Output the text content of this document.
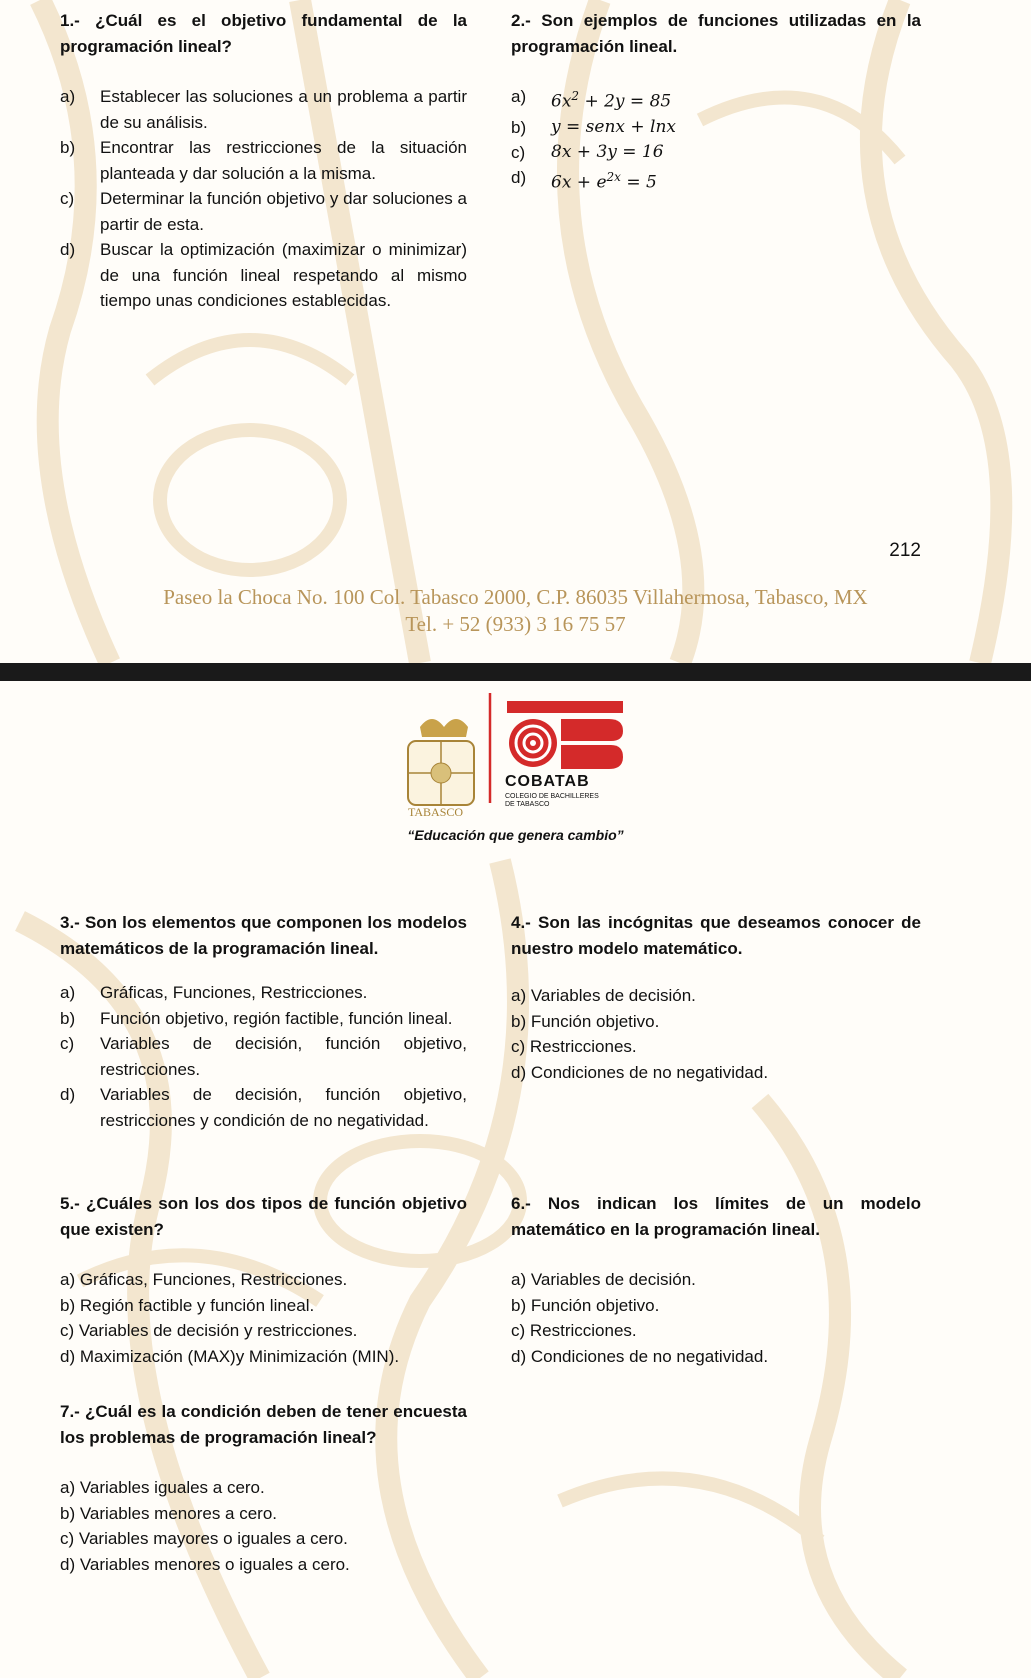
1.- ¿Cuál es el objetivo fundamental de la programación lineal?

a)	Establecer las soluciones a un problema a partir de su análisis.
b)	Encontrar las restricciones de la situación planteada y dar solución a la misma.
c)	Determinar la función objetivo y dar soluciones a partir de esta.
d)	Buscar la optimización (maximizar o minimizar) de una función lineal respetando al mismo tiempo unas condiciones establecidas.

2.- Son ejemplos de funciones utilizadas en la programación lineal.

a)	$6x^2 + 2y = 85$
b)	y = senx + lnx
c)	8x + 3y = 16
d)	$6x + e^{2x} = 5$
212
Paseo la Choca No. 100 Col. Tabasco 2000, C.P. 86035 Villahermosa, Tabasco, MX
Tel. + 52 (933) 3 16 75 57
TABASCO
COBATAB
COLEGIO DE BACHILLERES
DE TABASCO
“Educación que genera cambio”

3.- Son los elementos que componen los modelos matemáticos de la programación lineal.

a)	Gráficas, Funciones, Restricciones.
b)	Función objetivo, región factible, función lineal.
c)	Variables de decisión, función objetivo, restricciones.
d)	Variables de decisión, función objetivo, restricciones y condición de no negatividad.

4.- Son las incógnitas que deseamos conocer de nuestro modelo matemático.

a) Variables de decisión.

b) Función objetivo.

c) Restricciones.

d) Condiciones de no negatividad.

5.- ¿Cuáles son los dos tipos de función objetivo que existen?

a) Gráficas, Funciones, Restricciones.

b) Región factible y función lineal.

c) Variables de decisión y restricciones.

d) Maximización (MAX)y Minimización (MIN).

6.- Nos indican los límites de un modelo matemático en la programación lineal.

a) Variables de decisión.

b) Función objetivo.

c) Restricciones.

d) Condiciones de no negatividad.

7.- ¿Cuál es la condición deben de tener encuesta los problemas de programación lineal?

a) Variables iguales a cero.

b) Variables menores a cero.

c) Variables mayores o iguales a cero.

d) Variables menores o iguales a cero.
